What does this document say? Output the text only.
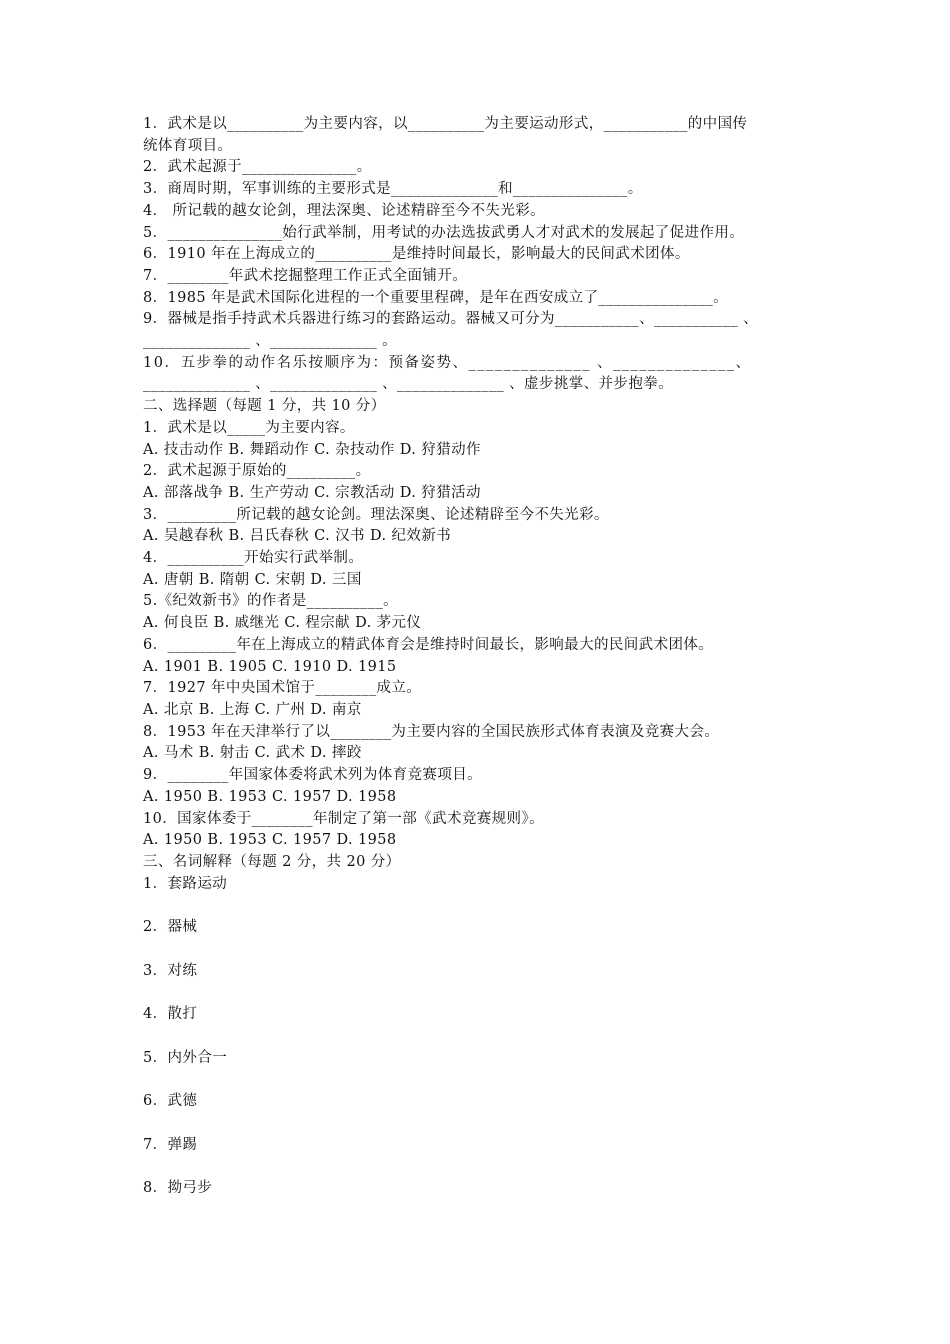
1．武术是以__________为主要内容，以__________为主要运动形式，___________的中国传
统体育项目。
2．武术起源于_______________。
3．商周时期，军事训练的主要形式是______________和_______________。
4． 所记载的越女论剑，理法深奥、论述精辟至今不失光彩。
5．_______________始行武举制，用考试的办法选拔武勇人才对武术的发展起了促进作用。
6．1910 年在上海成立的__________是维持时间最长，影响最大的民间武术团体。
7．________年武术挖掘整理工作正式全面铺开。
8．1985 年是武术国际化进程的一个重要里程碑，是年在西安成立了_______________。
9．器械是指手持武术兵器进行练习的套路运动。器械又可分为___________、___________ 、
______________ 、______________ 。
10．五步拳的动作名乐按顺序为：预备姿势、______________ 、______________、
______________ 、______________ 、______________ 、虚步挑掌、并步抱拳。
二、选择题（每题 1 分，共 10 分）
1．武术是以_____为主要内容。
A. 技击动作 B. 舞蹈动作 C. 杂技动作 D. 狩猎动作
2．武术起源于原始的_________。
A. 部落战争 B. 生产劳动 C. 宗教活动 D. 狩猎活动
3．_________所记载的越女论剑。理法深奥、论述精辟至今不失光彩。
A. 吴越春秋 B. 吕氏春秋 C. 汉书 D. 纪效新书
4．__________开始实行武举制。
A. 唐朝 B. 隋朝 C. 宋朝 D. 三国
5.《纪效新书》的作者是__________。
A. 何良臣 B. 戚继光 C. 程宗献 D. 茅元仪
6．_________年在上海成立的精武体育会是维持时间最长，影响最大的民间武术团体。
A. 1901 B. 1905 C. 1910 D. 1915
7．1927 年中央国术馆于________成立。
A. 北京 B. 上海 C. 广州 D. 南京
8．1953 年在天津举行了以________为主要内容的全国民族形式体育表演及竞赛大会。
A. 马术 B. 射击 C. 武术 D. 摔跤
9．________年国家体委将武术列为体育竞赛项目。
A. 1950 B. 1953 C. 1957 D. 1958
10．国家体委于________年制定了第一部《武术竞赛规则》。
A. 1950 B. 1953 C. 1957 D. 1958
三、名词解释（每题 2 分，共 20 分）
1．套路运动
2．器械
3．对练
4．散打
5．内外合一
6．武德
7．弹踢
8．拗弓步
